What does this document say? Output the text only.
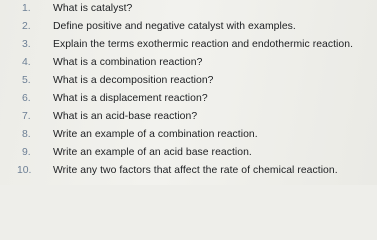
1. What is catalyst?
2. Define positive and negative catalyst with examples.
3. Explain the terms exothermic reaction and endothermic reaction.
4. What is a combination reaction?
5. What is a decomposition reaction?
6. What is a displacement reaction?
7. What is an acid-base reaction?
8. Write an example of a combination reaction.
9. Write an example of an acid base reaction.
10. Write any two factors that affect the rate of chemical reaction.
